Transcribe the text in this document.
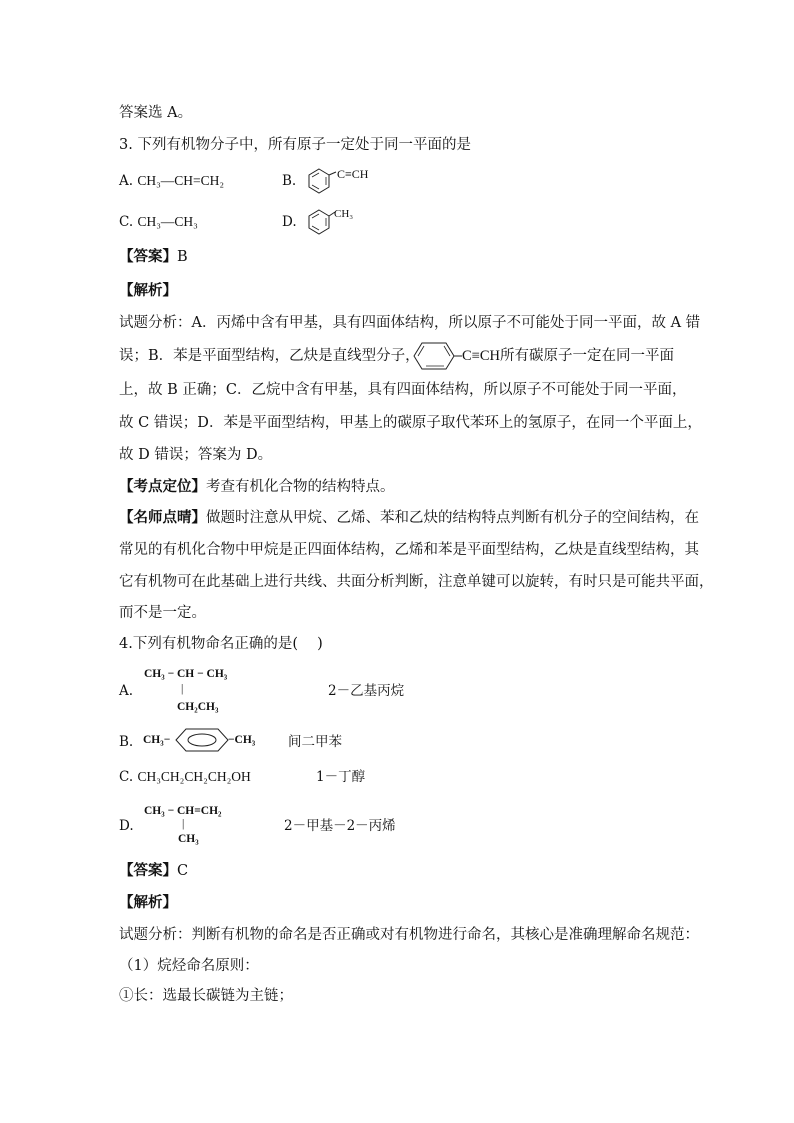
答案选 A。
3. 下列有机物分子中，所有原子一定处于同一平面的是
A. CH₃—CH=CH₂	B.	C≡CH
C. CH₃—CH₃	D.	CH₃
【答案】B
【解析】
试题分析：A．丙烯中含有甲基，具有四面体结构，所以原子不可能处于同一平面，故 A 错
误；B．苯是平面型结构，乙炔是直线型分子，	C≡CH所有碳原子一定在同一平面
上，故 B 正确；C．乙烷中含有甲基，具有四面体结构，所以原子不可能处于同一平面，
故 C 错误；D．苯是平面型结构，甲基上的碳原子取代苯环上的氢原子，在同一个平面上，
故 D 错误；答案为 D。
【考点定位】考查有机化合物的结构特点。
【名师点晴】做题时注意从甲烷、乙烯、苯和乙炔的结构特点判断有机分子的空间结构，在
常见的有机化合物中甲烷是正四面体结构，乙烯和苯是平面型结构，乙炔是直线型结构，其
它有机物可在此基础上进行共线、共面分析判断，注意单键可以旋转，有时只是可能共平面，
而不是一定。
4.下列有机物命名正确的是(　 )
CH₃ − CH − CH₃
A.	|
CH₂CH₃
2－乙基丙烷
B. CH₃−	−CH₃ 间二甲苯
C. CH₃CH₂CH₂CH₂OH	1－丁醇
CH₃ − CH=CH₂
D.	|
CH₃
2－甲基－2－丙烯
【答案】C
【解析】
试题分析：判断有机物的命名是否正确或对有机物进行命名，其核心是准确理解命名规范：
（1）烷烃命名原则：
①长：选最长碳链为主链；
